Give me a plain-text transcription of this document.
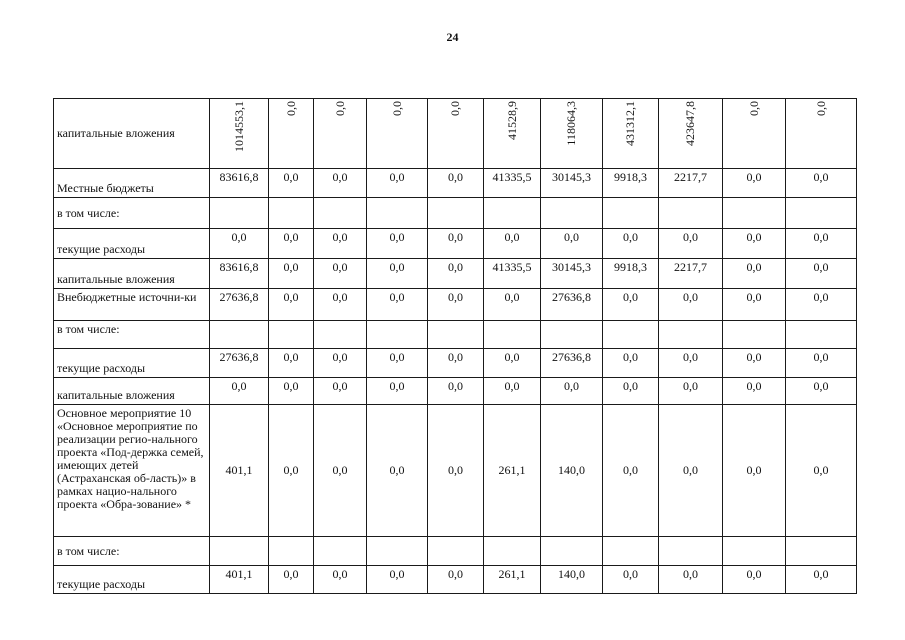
24
капитальные вложения	1014553,1	0,0	0,0	0,0	0,0	41528,9	118064,3	431312,1	423647,8	0,0	0,0
Местные бюджеты	83616,8	0,0	0,0	0,0	0,0	41335,5	30145,3	9918,3	2217,7	0,0	0,0
в том числе:											
текущие расходы	0,0	0,0	0,0	0,0	0,0	0,0	0,0	0,0	0,0	0,0	0,0
капитальные вложения	83616,8	0,0	0,0	0,0	0,0	41335,5	30145,3	9918,3	2217,7	0,0	0,0
Внебюджетные источни-ки	27636,8	0,0	0,0	0,0	0,0	0,0	27636,8	0,0	0,0	0,0	0,0
в том числе:											
текущие расходы	27636,8	0,0	0,0	0,0	0,0	0,0	27636,8	0,0	0,0	0,0	0,0
капитальные вложения	0,0	0,0	0,0	0,0	0,0	0,0	0,0	0,0	0,0	0,0	0,0
Основное мероприятие 10 «Основное мероприятие по реализации регио-нального проекта «Под-держка семей, имеющих детей (Астраханская об-ласть)» в рамках нацио-нального проекта «Обра-зование» *	401,1	0,0	0,0	0,0	0,0	261,1	140,0	0,0	0,0	0,0	0,0
в том числе:											
текущие расходы	401,1	0,0	0,0	0,0	0,0	261,1	140,0	0,0	0,0	0,0	0,0
